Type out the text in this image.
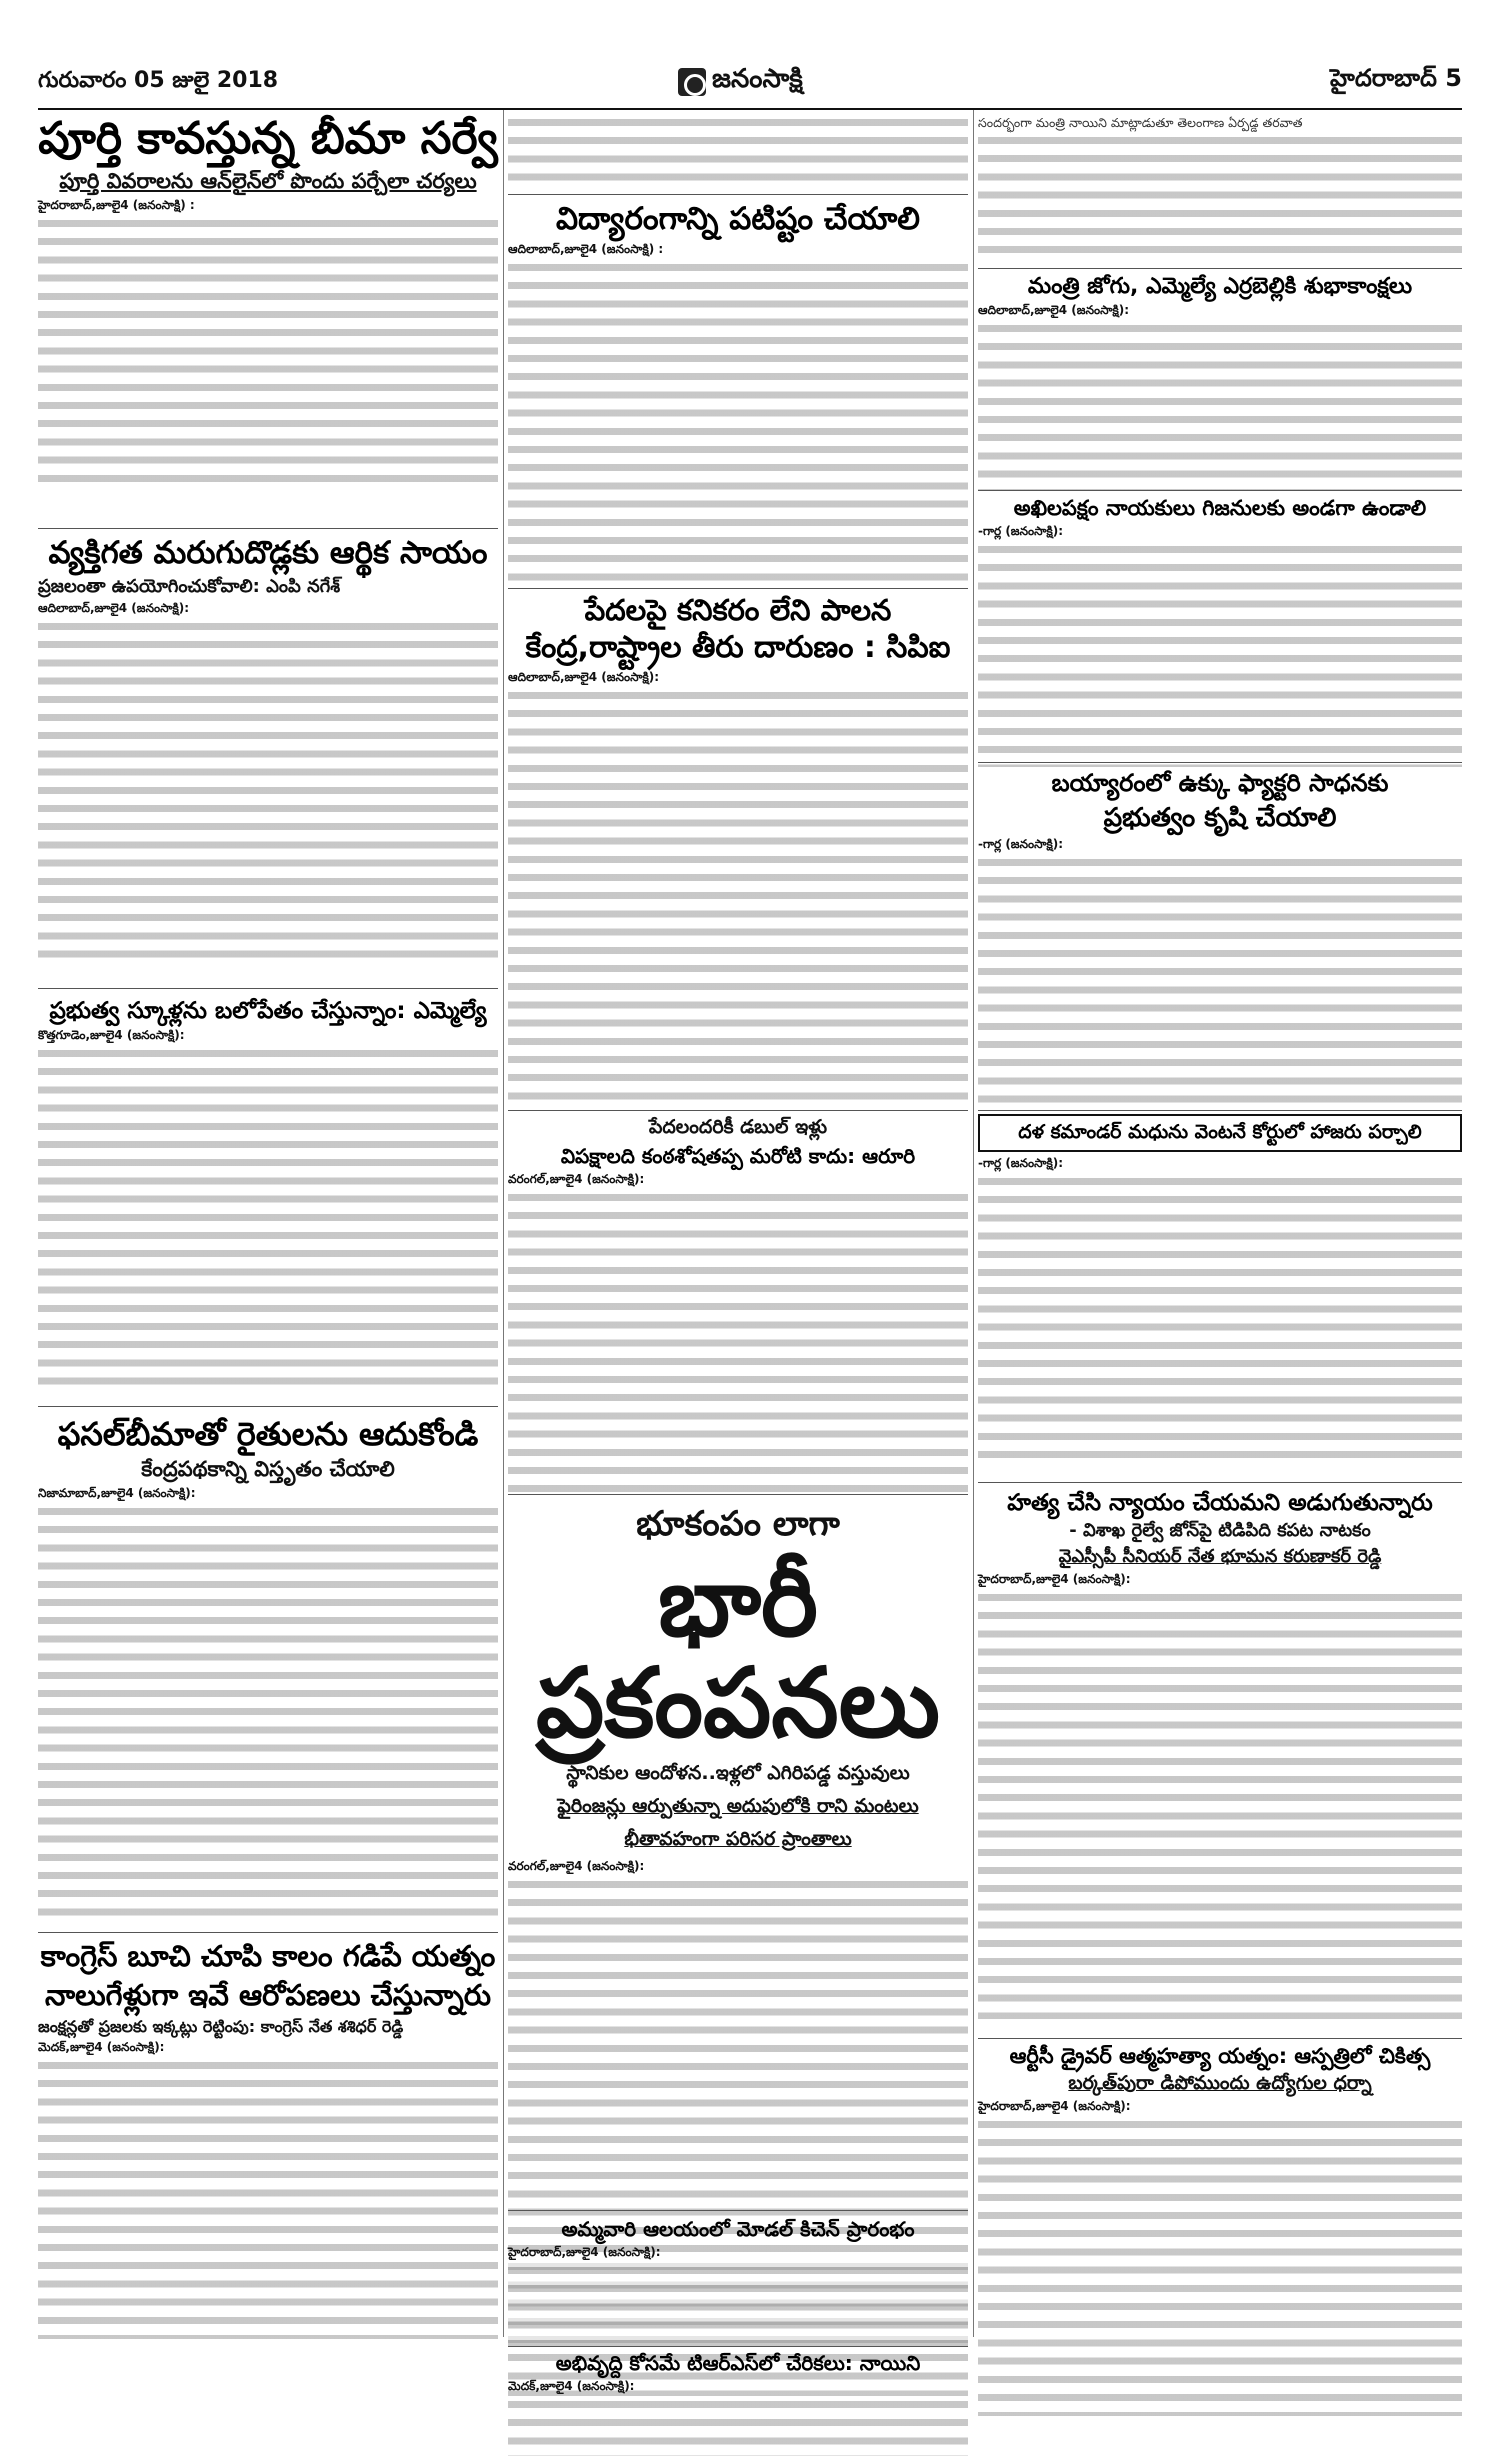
గురువారం 05 జులై 2018	జనంసాక్షి	హైదరాబాద్ 5
పూర్తి కావస్తున్న బీమా సర్వే
పూర్తి వివరాలను ఆన్‌లైన్‌లో పొందు పర్చేలా చర్యలు
హైదరాబాద్,జూలై4 (జనంసాక్షి) :
వ్యక్తిగత మరుగుదొడ్లకు ఆర్థిక సాయం
ప్రజలంతా ఉపయోగించుకోవాలి: ఎంపి నగేశ్
ఆదిలాబాద్,జూలై4 (జనంసాక్షి):
ప్రభుత్వ స్కూళ్లను బలోపేతం చేస్తున్నాం: ఎమ్మెల్యే
కొత్తగూడెం,జూలై4 (జనంసాక్షి):
ఫసల్‌బీమాతో రైతులను ఆదుకోండి
కేంద్రపథకాన్ని విస్తృతం చేయాలి
నిజామాబాద్,జూలై4 (జనంసాక్షి):
కాంగ్రెస్ బూచి చూపి కాలం గడిపే యత్నం
నాలుగేళ్లుగా ఇవే ఆరోపణలు చేస్తున్నారు
జంక్షన్లతో ప్రజలకు ఇక్కట్లు రెట్టింపు: కాంగ్రెస్ నేత శశిధర్ రెడ్డి
మెదక్,జూలై4 (జనంసాక్షి):
విద్యారంగాన్ని పటిష్టం చేయాలి
ఆదిలాబాద్,జూలై4 (జనంసాక్షి) :
పేదలపై కనికరం లేని పాలన
కేంద్ర,రాష్ట్రాల తీరు దారుణం : సిపిఐ
ఆదిలాబాద్,జూలై4 (జనంసాక్షి):
పేదలందరికీ డబుల్ ఇళ్లు
విపక్షాలది కంఠశోషతప్ప మరోటి కాదు: ఆరూరి
వరంగల్,జూలై4 (జనంసాక్షి):
భూకంపం లాగా
భారీ ప్రకంపనలు
స్థానికుల ఆందోళన..ఇళ్లలో ఎగిరిపడ్డ వస్తువులు
ఫైరింజన్లు ఆర్పుతున్నా అదుపులోకి రాని మంటలు
భీతావహంగా పరిసర ప్రాంతాలు
వరంగల్,జూలై4 (జనంసాక్షి):
అమ్మవారి ఆలయంలో మోడల్ కిచెన్ ప్రారంభం
హైదరాబాద్,జూలై4 (జనంసాక్షి):
అభివృద్ది కోసమే టిఆర్ఎస్‌లో చేరికలు: నాయిని
మెదక్,జూలై4 (జనంసాక్షి):
సందర్భంగా మంత్రి నాయిని మాట్లాడుతూ తెలంగాణ ఏర్పడ్డ తరవాత
మంత్రి జోగు, ఎమ్మెల్యే ఎర్రబెల్లికి శుభాకాంక్షలు
ఆదిలాబాద్,జూలై4 (జనంసాక్షి):
అఖిలపక్షం నాయకులు గిజనులకు అండగా ఉండాలి
-గార్ల (జనంసాక్షి):
బయ్యారంలో ఉక్కు ఫ్యాక్టరి సాధనకు
ప్రభుత్వం కృషి చేయాలి
-గార్ల (జనంసాక్షి):
దళ కమాండర్ మధును వెంటనే కోర్టులో హాజరు పర్చాలి
-గార్ల (జనంసాక్షి):
హత్య చేసి న్యాయం చేయమని అడుగుతున్నారు
- విశాఖ రైల్వే జోన్‌పై టిడిపిది కపట నాటకం
వైఎస్సీపీ సీనియర్ నేత భూమన కరుణాకర్ రెడ్డి
హైదరాబాద్,జూలై4 (జనంసాక్షి):
ఆర్టీసీ డ్రైవర్ ఆత్మహత్యా యత్నం: ఆస్పత్రిలో చికిత్స
బర్కత్‌పురా డిపోముందు ఉద్యోగుల ధర్నా
హైదరాబాద్,జూలై4 (జనంసాక్షి):
